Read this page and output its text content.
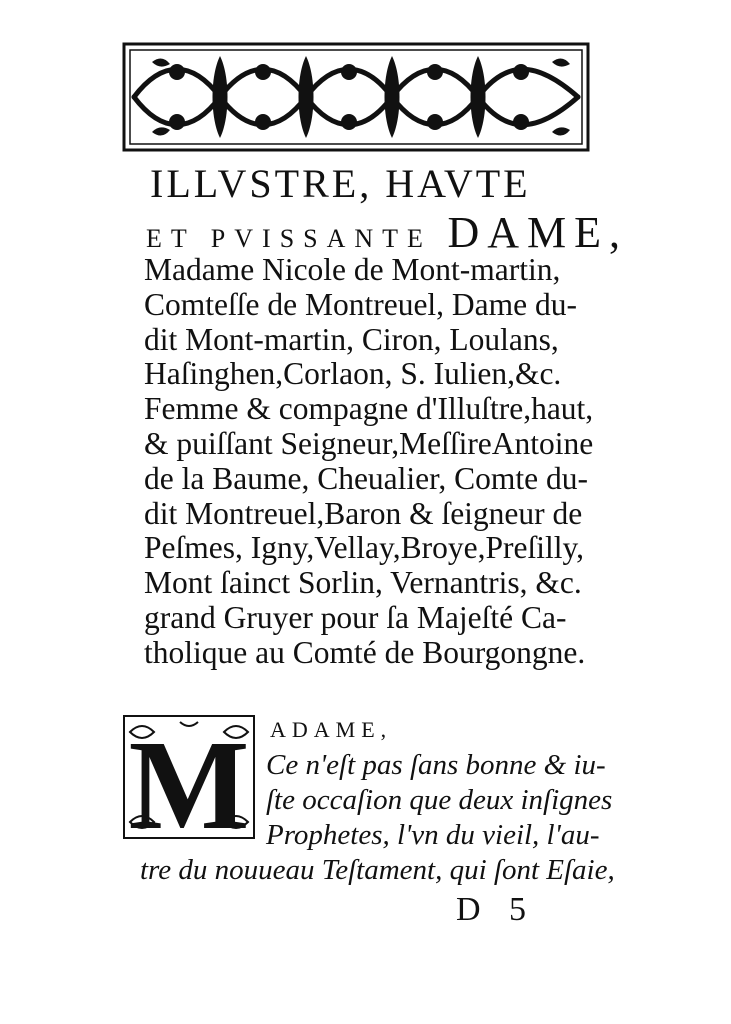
ILLVSTRE, HAVTE
ET PVISSANTE DAME,
Madame Nicole de Mont-martin,
Comteſſe de Montreuel, Dame du-
dit Mont-martin, Ciron, Loulans,
Haſinghen,Corlaon, S. Iulien,&c.
Femme & compagne d'Illuſtre,haut,
& puiſſant Seigneur,MeſſireAntoine
de la Baume, Cheualier, Comte du-
dit Montreuel,Baron & ſeigneur de
Peſmes, Igny,Vellay,Broye,Preſilly,
Mont ſainct Sorlin, Vernantris, &c.
grand Gruyer pour ſa Majeſté Ca-
tholique au Comté de Bourgongne.
M ADAME,
Ce n'eſt pas ſans bonne & iu-
ſte occaſion que deux inſignes
Prophetes, l'vn du vieil, l'au-
tre du nouueau Teſtament, qui ſont Eſaie,
D 5
